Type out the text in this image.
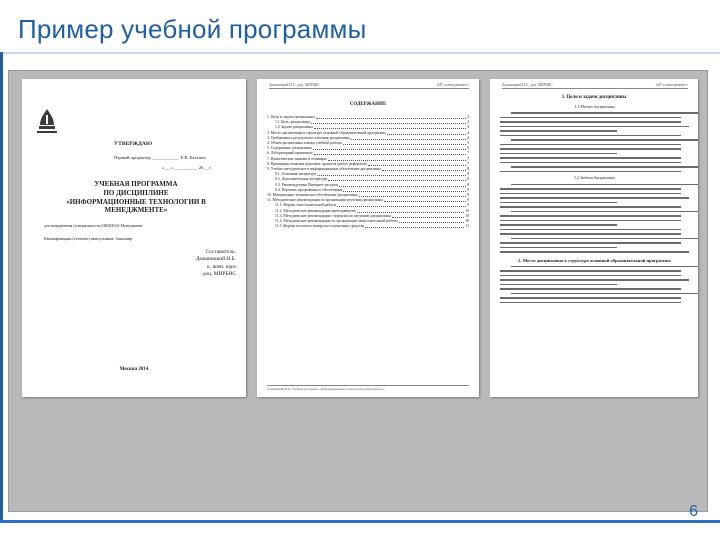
Пример учебной программы
УТВЕРЖДАЮ
Первый проректор ____________ Е.В. Бахтина
«___» __________ 20__ г.
УЧЕБНАЯ ПРОГРАММА
ПО ДИСЦИПЛИНЕ
«ИНФОРМАЦИОННЫЕ ТЕХНОЛОГИИ В
МЕНЕДЖМЕНТЕ»
для направления (специальности) 080200.62 Менеджмент
Квалификация (степень) выпускника: бакалавр
Составитель:
Доманицкий И.Б.
к. воен. наук
доц. МИРБИС
Москва 2014
Доманицкий И.Б., доц. МИРБИС	«ИТ в менеджменте»
СОДЕРЖАНИЕ
1. Цели и задачи дисциплины	3
1.1 Цель дисциплины	3
1.2 Задачи дисциплины	3
2. Место дисциплины в структуре основной образовательной программы	4
3. Требования к результатам освоения дисциплины	4
4. Объем дисциплины и виды учебной работы	5
5. Содержание дисциплины	6
6. Лабораторный практикум	7
7. Практические занятия и семинары	7
8. Примерная тематика курсовых проектов (работ, рефератов)	7
9. Учебно-методическое и информационное обеспечение дисциплины	8
9.1. Основная литература	8
9.2. Дополнительная литература	8
9.3. Рекомендуемые Интернет-ресурсы	8
9.4. Перечень программного обеспечения	9
10. Материально-техническое обеспечение дисциплины	9
11. Методические рекомендации по организации изучения дисциплины	9
11.1. Формы самостоятельной работы	9
11.2. Методические рекомендации преподавателю	10
11.3. Методические рекомендации студентам по изучению дисциплины	10
11.4. Методические рекомендации по организации самостоятельной работы	10
11.5. Формы итогового контроля и оценочные средства	11
Доманицкий И.Б. Учебная программа «Информационные технологии в менеджменте»
Доманицкий И.Б., доц. МИРБИС	«ИТ в менеджменте»
1. Цели и задачи дисциплины
1.1 Место дисциплины
1.2 Задачи дисциплины
2. Место дисциплины в структуре основной образовательной программы
6
